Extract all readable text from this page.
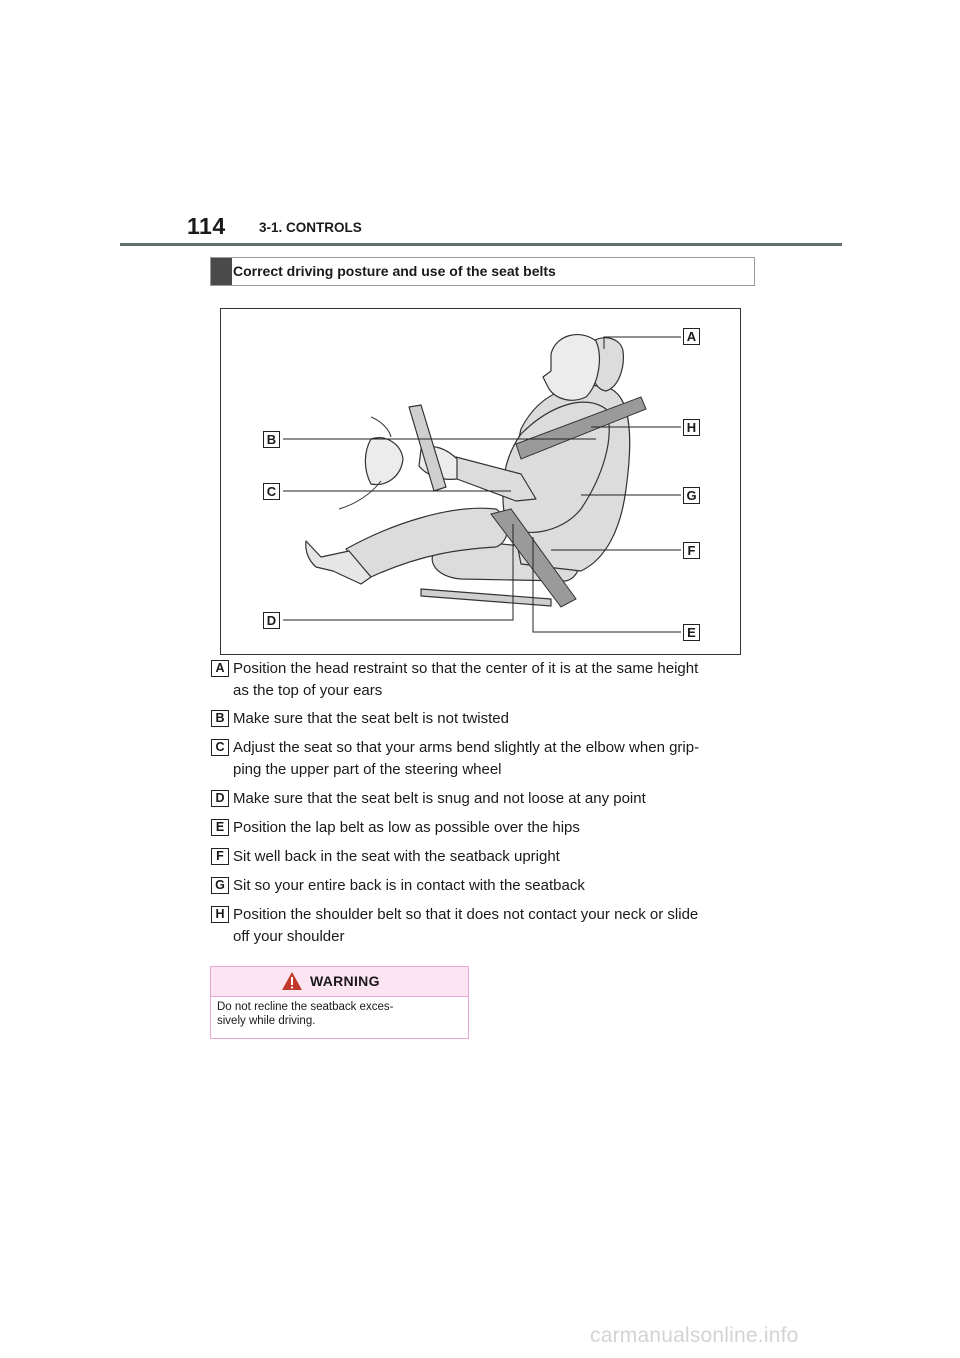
114 3-1. CONTROLS
Correct driving posture and use of the seat belts
A
B
C
D
E
F
G
H
A Position the head restraint so that the center of it is at the same height
as the top of your ears
B Make sure that the seat belt is not twisted
C Adjust the seat so that your arms bend slightly at the elbow when grip-
ping the upper part of the steering wheel
D Make sure that the seat belt is snug and not loose at any point
E Position the lap belt as low as possible over the hips
F Sit well back in the seat with the seatback upright
G Sit so your entire back is in contact with the seatback
H Position the shoulder belt so that it does not contact your neck or slide
off your shoulder
WARNING
Do not recline the seatback exces-
sively while driving.
carmanualsonline.info
